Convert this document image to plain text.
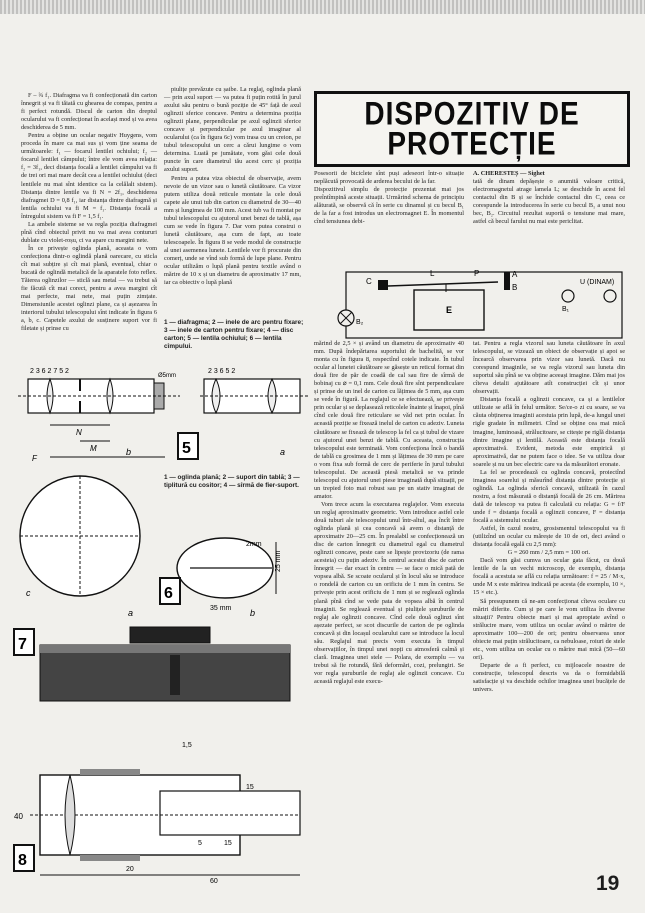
F – ¾ f₁. Diafragma va fi confecționată din carton înnegrit și va fi tăiată cu ghearea de compas, pentru a fi perfect rotundă. Discul de carton din dreptul ocularului va fi confecționat în același mod și va avea deschiderea de 5 mm.

Pentru a obține un ocular negativ Huygens, vom proceda în mare ca mai sus și vom ține seama de următoarele: f₁ — focarul lentilei ochiului; f₂ — focarul lentilei câmpului; între ele vom avea relația: f₂ = 3f₁, deci distanța focală a lentilei câmpului va fi de trei ori mai mare decât cea a lentilei ochiului (deci lentilele nu mai sînt identice ca la celălalt sistem). Distanța dintre lentile va fi N = 2f₁, deschiderea diafragmei D = 0,8 f₁, iar distanța dintre diafragmă și lentila ochiului va fi M = f₁. Distanța focală a întregului sistem va fi F = 1,5 f₁.

La ambele sisteme se va regla poziția diafragmei pînă cînd obiectul privit nu va mai avea contururi dublate cu violet-roșu, ci va apare cu margini nete.

În ce privește oglinda plană, aceasta o vom confecționa dintr-o oglindă plană oarecare, cu sticla cît mai subțire și cît mai plană, eventual, chiar o bucată de oglindă metalică de la aparatele foto reflex. Tăierea oglinzilor — sticlă sau metal — va trebui să fie făcută cît mai corect, pentru a avea margini cît mai perfecte, mai nete, mai puțin zimțate. Dimensiunile acestei oglinzi plane, ca și așezarea în interiorul tubului telescopului sînt indicate în figura 6 a, b, c. Capetele axului de susținere suport vor fi filetate și prinse cu

piulițe prevăzute cu șaibe. La reglaj, oglinda plană — prin axul suport — va putea fi puțin rotită în jurul axului său pentru o bună poziție de 45° față de axul oglinzii sferice concave. Pentru a determina poziția oglinzii plane, perpendicular pe axul oglinzii sferice concave și perpendicular pe axul imaginar al ocularului (ca în figura 6c) vom trasa cu un creion, pe tubul telescopului un cerc a cărui lungime o vom determina. Luată pe jumătate, vom găsi cele două puncte în care diametrul tău acest cerc și poziția axului suport.

Pentru a putea viza obiectul de observație, avem nevoie de un vizor sau o lunetă căutătoare. Ca vizor putem utiliza două reticule montate la cele două capete ale unui tub din carton cu diametrul de 30—40 mm și lungimea de 100 mm. Acest tub va fi montat pe tubul telescopului cu ajutorul unei benzi de tablă, așa cum se vede în figura 7. Dar vom putea construi o lunetă căutătoare, așa cum de fapt, au toate telescoapele. În figura 8 se vede modul de construcție al unei asemenea lunete. Lentilele vor fi procurate din comerț, unde se vînd sub formă de lupe plane. Pentru ocular utilizăm o lupă plană pentru textile având o mărire de 10 x și un diametru de aproximativ 17 mm, iar ca obiectiv o lupă plană

DISPOZITIV DE
PROTECȚIE
Posesorii de biciclete sînt puși adeseori într-o situație neplăcută provocată de arderea becului de la far.
Dispozitivul simplu de protecție prezentat mai jos preîntîmpină aceste situații. Urmărind schema de principiu alăturată, se observă că în serie cu dinamul și cu becul B₁ de la far a fost introdus un electromagnet E. În momentul cînd tensiunea debi-
A. CHERESTEȘ — Sighet

tată de dinam depășește o anumită valoare critică, electromagnetul atrage lamela L; se deschide în acest fel contactul din B și se închide contactul din C, ceea ce corespunde la introducerea în serie cu becul B₁ a unui nou bec, B₂. Circuitul rezultat suportă o tensiune mai mare, astfel că becul farului nu mai este periclitat.

E
L	P	A
B
C
B₂
B₁
U (DINAM)
1 — diafragma; 2 — inele de arc pentru fixare; 3 — inele de carton pentru fixare; 4 — disc carton; 5 — lentila ochiului; 6 — lentila cîmpului.
N
M
F
b
Ø5mm
2 3 6 2 7 5 2
5
2 3 6 5 2
a
1 — oglinda plană; 2 — suport din tablă; 3 — tiplitură cu cositor; 4 — sîrmă de fier-suport.
c
2mm
25 mm
35 mm b
a
6
7
8
40
1,5
15
5	15
20
60

mărind de 2,5 × și având un diametru de aproximativ 40 mm. După îndepărtarea suportului de bachelită, se vor monta cu în figura 8, respectînd cotele indicate. În tubul ocular al lunetei căutătoare se găsește un reticul format din două fire de păr de coadă de cal sau fire de sîrmă de bobinaj cu ⌀ = 0,1 mm. Cele două fire sînt perpendiculare și prinse de un inel de carton cu lățimea de 5 mm, așa cum se vede în figură. La reglajul ce se efectuează, se privește prin ocular și se deplasează reticolele înainte și înapoi, pînă cînd cele două fire reticulare se văd net prin ocular. În această poziție se fixează inelul de carton cu adeziv. Luneta căutătoare se fixează de telescop la fel ca și tubul de vizare cu ajutorul unei benzi de tablă. Cu aceasta, construcția telescopului este terminată. Vom confecționa încă o bandă de tablă cu grosimea de 1 mm și lățimea de 30 mm pe care o vom fixa sub formă de cerc de periferie în jurul tubului telescopului. De această piesă metalică se va prinde telescopul cu ajutorul unei piese imaginată după situații, pe un trepied foto mai robust sau pe un stativ imaginat de amator.

Vom trece acum la executarea reglajelor. Vom executa un reglaj aproximativ geometric. Vom introduce astfel cele două tuburi ale telescopului unul într-altul, așa încît între oglinda plană și cea concavă să avem o distanță de aproximativ 20—25 cm. În prealabil se confecționează un disc de carton înnegrit cu diametrul egal cu diametrul oglinzii concave, peste care se lipește provizoriu (de rama acesteia) cu puțin adeziv. În centrul acestui disc de carton înnegrit — dar exact în centru — se face o mică pată de vopsea albă. Se scoate ocularul și în locul său se introduce o rondelă de carton cu un orificiu de 1 mm în centru. Se privește prin acest orificiu de 1 mm și se reglează oglinda plană pînă cînd se vede pata de vopsea albă în centrul imaginii. Se reglează eventual și piulițele șuruburile de reglaj ale oglinzii concave. Cînd cele două oglinzi sînt așezate perfect, se scot discurile de carton de pe oglinda concavă și din locașul ocularului care se introduce la locul său. Reglajul mai precis vom executa în timpul observațiilor, în timpul unei nopți cu atmosferă calmă și clară. Imaginea unei stele — Polara, de exemplu — va trebui să fie rotundă, fără deformări, cozi, prelungiri. Se vor regla șuruburile de reglaj ale oglinzii concave. Cu această reglajul este execu-

tat. Pentru a regla vizorul sau luneta căutătoare în axul telescopului, se vizează un obiect de observație și apoi se încearcă observarea prin vizor sau lunetă. Dacă nu corespund imaginile, se va regla vizorul sau luneta din suportul său pînă se va obține aceeași imagine. Dăm mai jos cîteva detalii ajutătoare atît construcției cît și unor observații.

Distanța focală a oglinzii concave, ca și a lentilelor utilizate se află în felul următor. Se/ce-o zi cu soare, se va căuta obținerea imaginii acestuia prin lupă, de-a lungul unei rigle gradate în milimetri. Cînd se obține cea mai mică imagine, luminoasă, strălucitoare, se citește pe riglă distanța dintre imagine și lentilă. Această este distanța focală aproximativă. Evident, metoda este empirică și aproximativă, dar ne putem face o idee. Se va utiliza doar soarele și nu un bec electric care va da măsurători eronate.

La fel se procedează cu oglinda concavă, proiectînd imaginea soarelui și măsurînd distanța dintre protecție și oglindă. La oglinda sferică concavă, utilizată în cazul nostru, a fost măsurată o distanță focală de 26 cm. Mărirea dată de telescop va putea fi calculată cu relația: G = f/F unde f = distanța focală a oglinzii concave, F = distanța focală a sistemului ocular.

Astfel, în cazul nostru, grosismentul telescopului va fi (utilizînd un ocular cu mărește de 10 de ori, deci având o distanța focală egală cu 2,5 mm):

G = 260 mm / 2,5 mm = 100 ori.

Dacă vom găsi cumva un ocular gata făcut, cu două lentile de la un vechi microscop, de exemplu, distanța focală a acestuia se află cu relația următoare: f = 25 / M·x, unde M x este mărirea indicată pe acesta (de exemplu, 10 ×, 15 × etc.).

Să presupunem că ne-am confecționat cîteva oculare cu măriri diferite. Cum și pe care le vom utiliza în diverse situații? Pentru obiecte mari și mai apropiate avînd o strălucire mare, vom utiliza un ocular având o mărire de aproximativ 100—200 de ori; pentru observarea unor obiecte mai puțin strălucitoare, ca nebuloase, roiuri de stele etc., vom utiliza un ocular cu o mărire mai mică (50—60 ori).

Departe de a fi perfect, cu mijloacele noastre de construcție, telescopul descris va da o formidabilă satisfacție și va deschide ochilor imaginea unei bucățele de univers.

19
